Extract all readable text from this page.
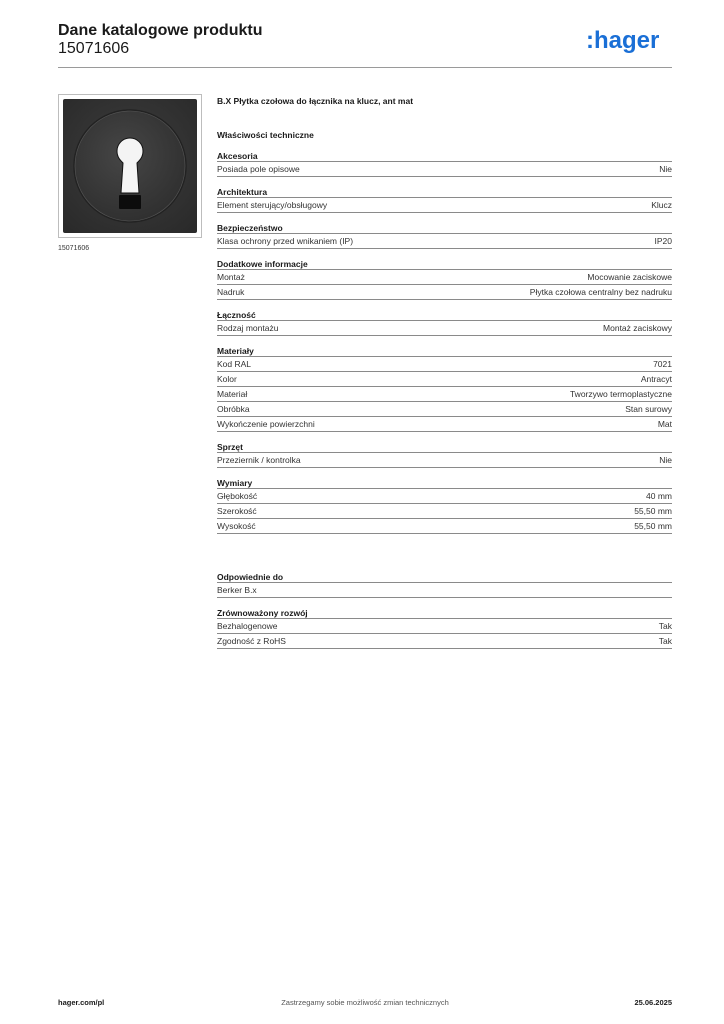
Dane katalogowe produktu
15071606	:hager
15071606
B.X Płytka czołowa do łącznika na klucz, ant mat
Właściwości techniczne
Akcesoria
Posiada pole opisowe	Nie
Architektura
Element sterujący/obsługowy	Klucz
Bezpieczeństwo
Klasa ochrony przed wnikaniem (IP)	IP20
Dodatkowe informacje
Montaż	Mocowanie zaciskowe
Nadruk	Płytka czołowa centralny bez nadruku
Łączność
Rodzaj montażu	Montaż zaciskowy
Materiały
Kod RAL	7021
Kolor	Antracyt
Materiał	Tworzywo termoplastyczne
Obróbka	Stan surowy
Wykończenie powierzchni	Mat
Sprzęt
Przeziernik / kontrolka	Nie
Wymiary
Głębokość	40 mm
Szerokość	55,50 mm
Wysokość	55,50 mm
Odpowiednie do
Berker B.x
Zrównoważony rozwój
Bezhalogenowe	Tak
Zgodność z RoHS	Tak
Zastrzegamy sobie możliwość zmian technicznych
hager.com/pl	25.06.2025
